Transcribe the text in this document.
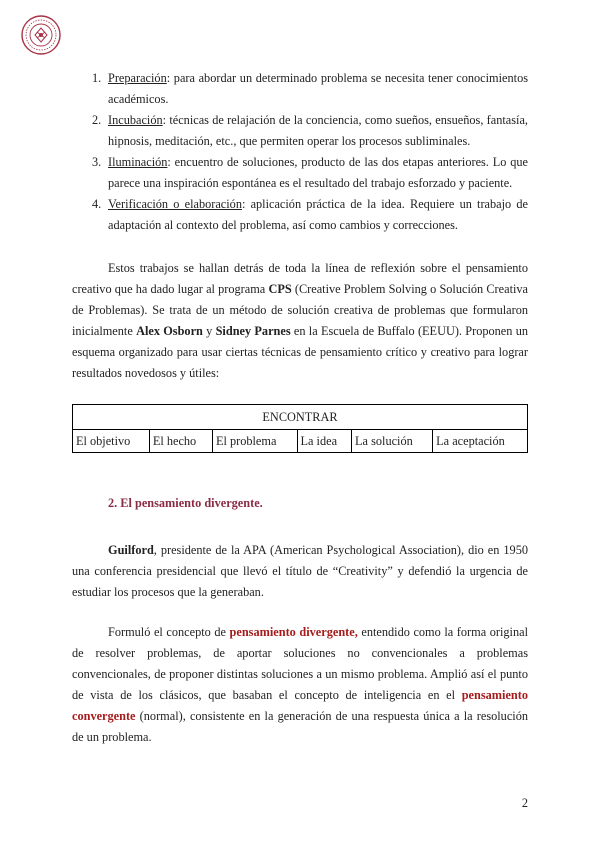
1. Preparación: para abordar un determinado problema se necesita tener conocimientos académicos.
2. Incubación: técnicas de relajación de la conciencia, como sueños, ensueños, fantasía, hipnosis, meditación, etc., que permiten operar los procesos subliminales.
3. Iluminación: encuentro de soluciones, producto de las dos etapas anteriores. Lo que parece una inspiración espontánea es el resultado del trabajo esforzado y paciente.
4. Verificación o elaboración: aplicación práctica de la idea. Requiere un trabajo de adaptación al contexto del problema, así como cambios y correcciones.

Estos trabajos se hallan detrás de toda la línea de reflexión sobre el pensamiento creativo que ha dado lugar al programa CPS (Creative Problem Solving o Solución Creativa de Problemas). Se trata de un método de solución creativa de problemas que formularon inicialmente Alex Osborn y Sidney Parnes en la Escuela de Buffalo (EEUU). Proponen un esquema organizado para usar ciertas técnicas de pensamiento crítico y creativo para lograr resultados novedosos y útiles:

ENCONTRAR
El objetivo	El hecho	El problema	La idea	La solución	La aceptación
2. El pensamiento divergente.

Guilford, presidente de la APA (American Psychological Association), dio en 1950 una conferencia presidencial que llevó el título de “Creativity” y defendió la urgencia de estudiar los procesos que la generaban.

Formuló el concepto de pensamiento divergente, entendido como la forma original de resolver problemas, de aportar soluciones no convencionales a problemas convencionales, de proponer distintas soluciones a un mismo problema. Amplió así el punto de vista de los clásicos, que basaban el concepto de inteligencia en el pensamiento convergente (normal), consistente en la generación de una respuesta única a la resolución de un problema.

2
